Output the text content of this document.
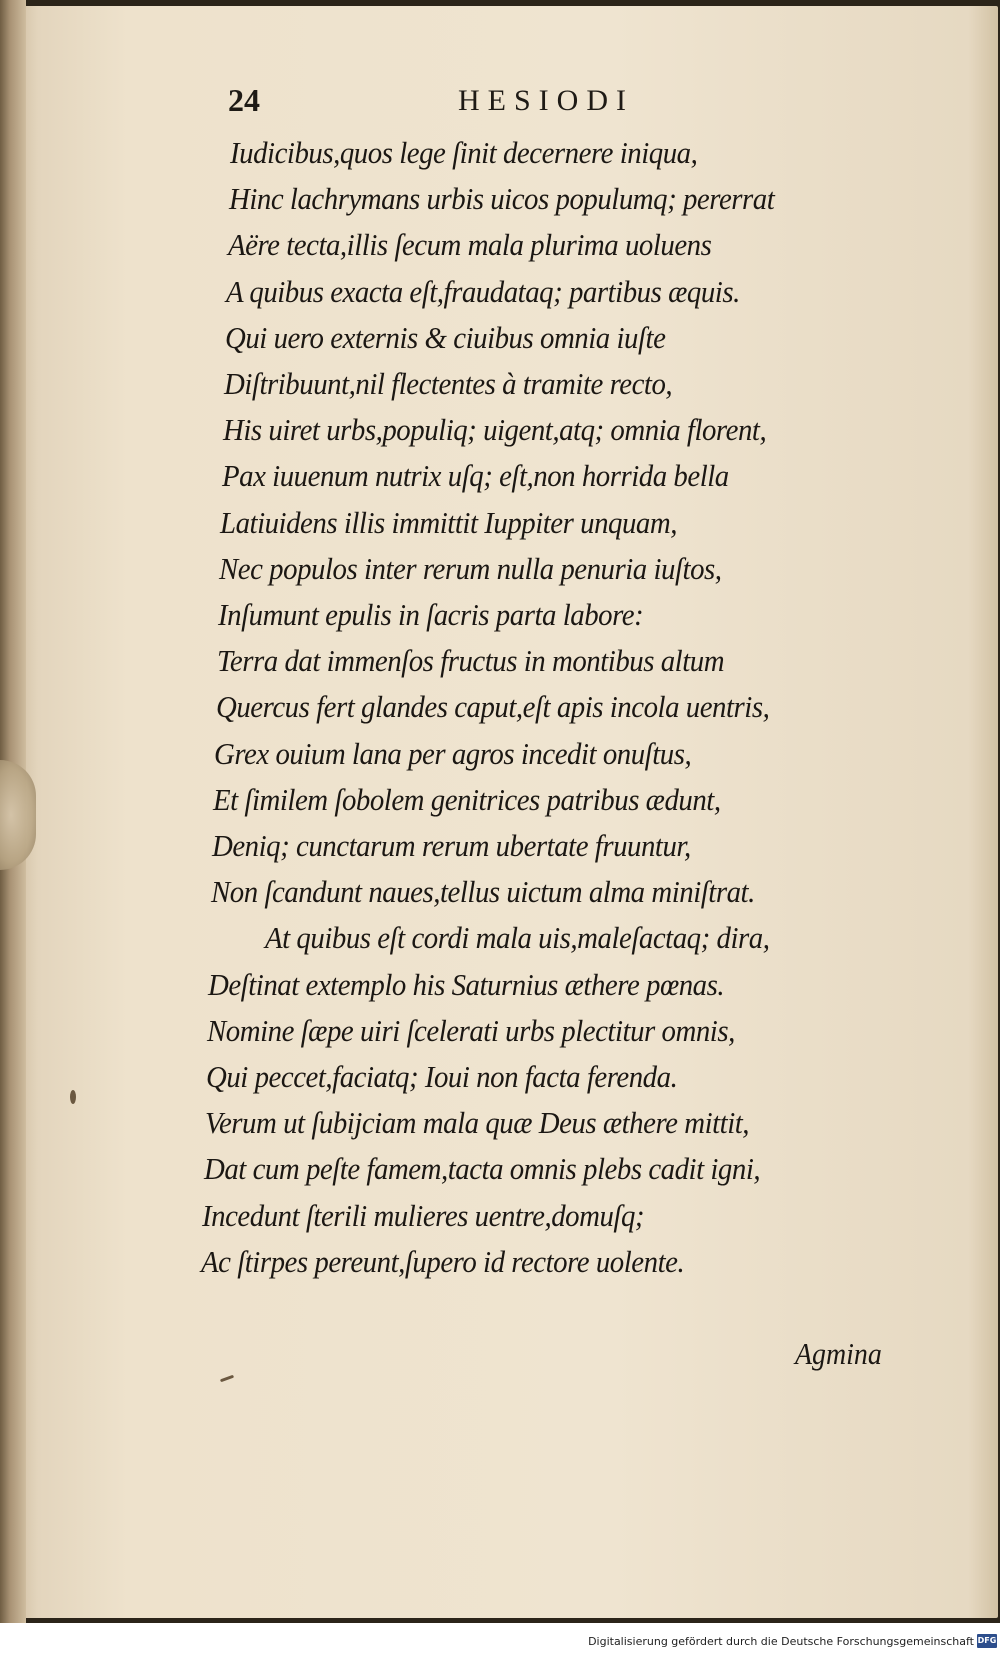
24	HESIODI
Iudicibus,quos lege ſinit decernere iniqua,
Hinc lachrymans urbis uicos populumq; pererrat
Aëre tecta,illis ſecum mala plurima uoluens
A quibus exacta eſt,fraudataq; partibus æquis.
Qui uero externis & ciuibus omnia iuſte
Diſtribuunt,nil flectentes à tramite recto,
His uiret urbs,populiq; uigent,atq; omnia florent,
Pax iuuenum nutrix uſq; eſt,non horrida bella
Latiuidens illis immittit Iuppiter unquam,
Nec populos inter rerum nulla penuria iuſtos,
Inſumunt epulis in ſacris parta labore:
Terra dat immenſos fructus in montibus altum
Quercus fert glandes caput,eſt apis incola uentris,
Grex ouium lana per agros incedit onuſtus,
Et ſimilem ſobolem genitrices patribus ædunt,
Deniq; cunctarum rerum ubertate fruuntur,
Non ſcandunt naues,tellus uictum alma miniſtrat.
At quibus eſt cordi mala uis,maleſactaq; dira,
Deſtinat extemplo his Saturnius æthere pœnas.
Nomine ſæpe uiri ſcelerati urbs plectitur omnis,
Qui peccet,faciatq; Ioui non facta ferenda.
Verum ut ſubijciam mala quæ Deus æthere mittit,
Dat cum peſte famem,tacta omnis plebs cadit igni,
Incedunt ſterili mulieres uentre,domuſq;
Ac ſtirpes pereunt,ſupero id rectore uolente.
Agmina
Digitalisierung gefördert durch die Deutsche Forschungsgemeinschaft DFG
